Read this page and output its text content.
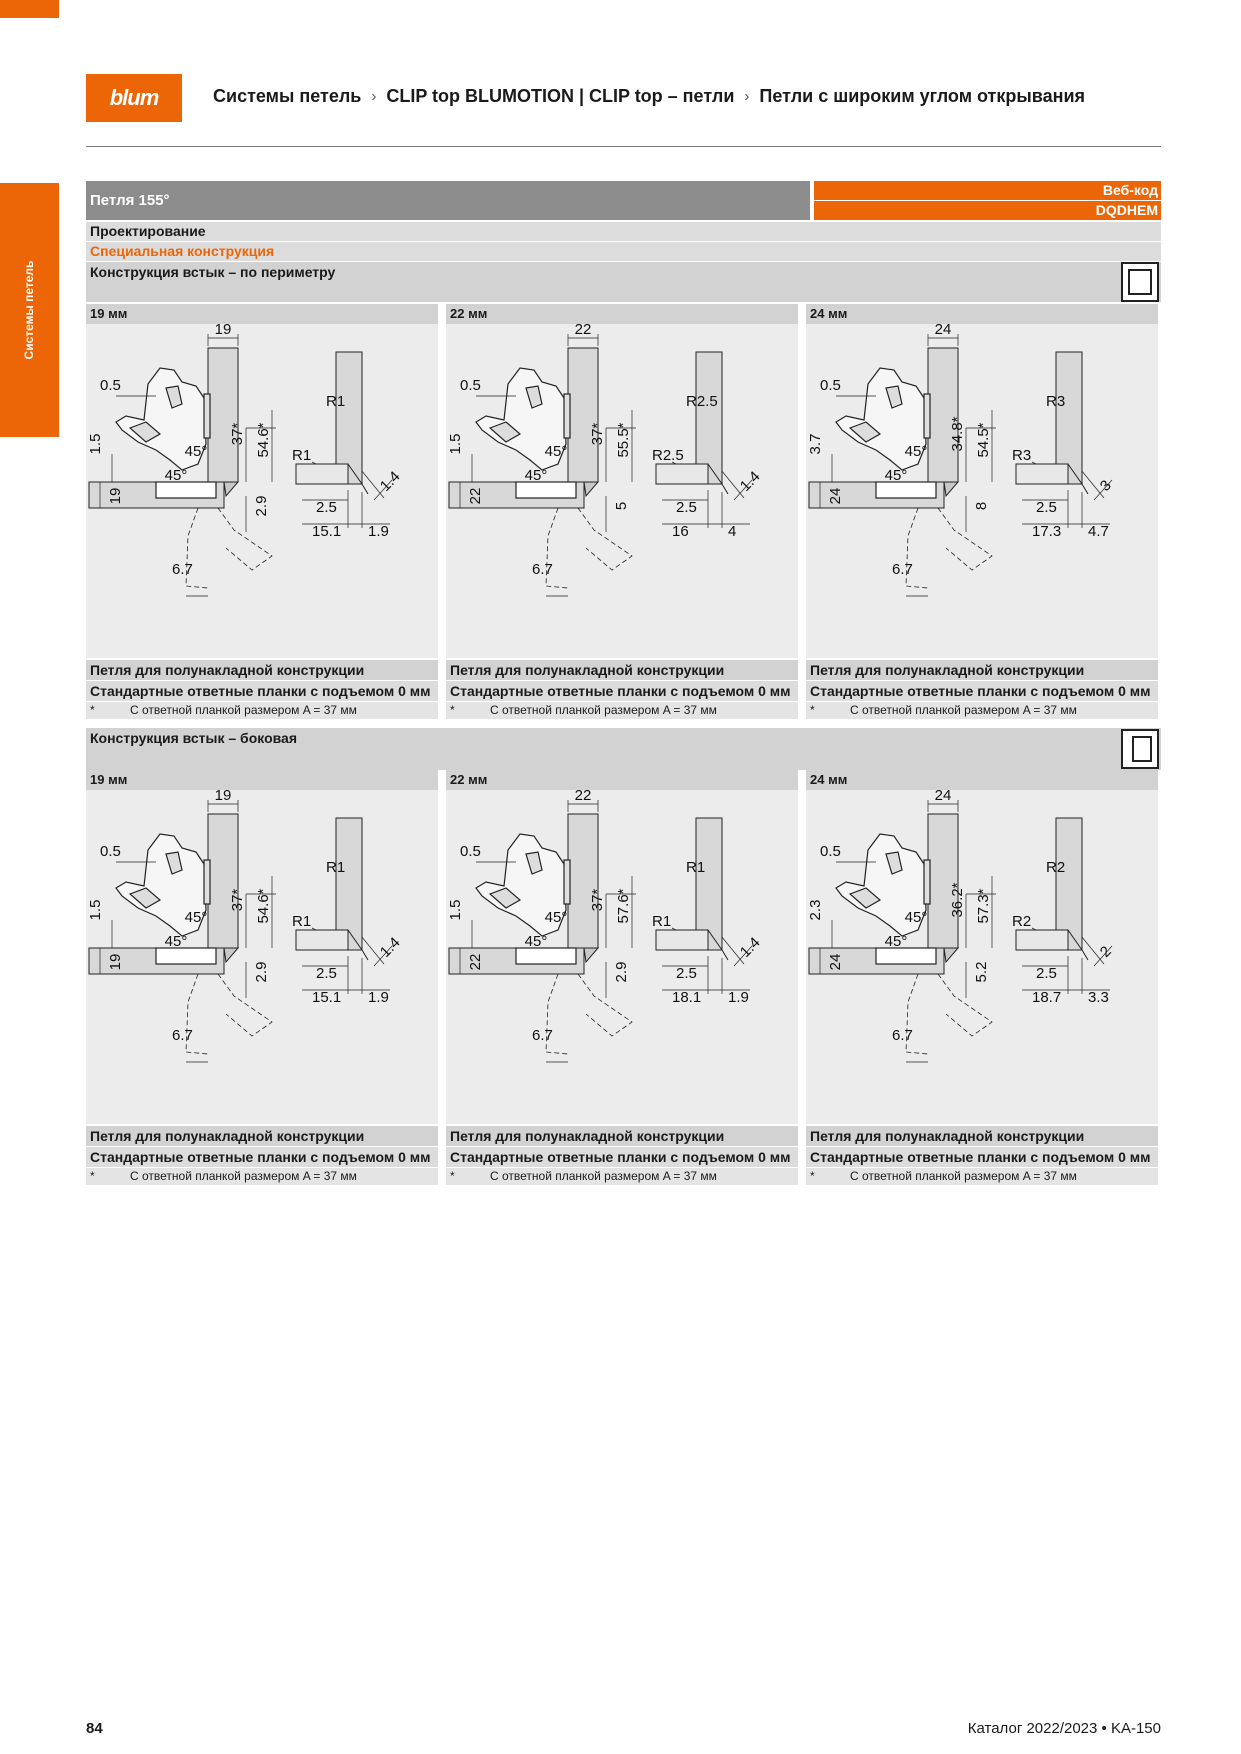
Системы петель
blum	Системы петель › CLIP top BLUMOTION | CLIP top – петли › Петли с широким углом открывания
Петля 155°
Веб-код
DQDHEM
Проектирование
Специальная конструкция
Конструкция встык – по периметру
Конструкция встык – боковая
19 мм
19
0.5
1.5
19
45°
45°
37* 54.6*
2.9
6.7
R1
R1
2.5
15.1 1.9
1.4
Петля для полунакладной конструкции
Стандартные ответные планки с подъемом 0 мм
*	С ответной планкой размером A = 37 мм
22 мм
22
0.5
1.5
22
45°
45°
37* 55.5*
5
6.7
R2.5
R2.5
2.5
16	4
1.4
Петля для полунакладной конструкции
Стандартные ответные планки с подъемом 0 мм
*	С ответной планкой размером A = 37 мм
24 мм
24
0.5
3.7
24
45°
45°
34.8* 54.5*
8
6.7
R3
R3
2.5
17.3 4.7
3
Петля для полунакладной конструкции
Стандартные ответные планки с подъемом 0 мм
*	С ответной планкой размером A = 37 мм
19 мм
19
0.5
1.5
19
45°
45°
37* 54.6*
2.9
6.7
R1
R1
2.5
15.1 1.9
1.4
Петля для полунакладной конструкции
Стандартные ответные планки с подъемом 0 мм
*	С ответной планкой размером A = 37 мм
22 мм
22
0.5
1.5
22
45°
45°
37* 57.6*
2.9
6.7
R1
R1
2.5
18.1 1.9
1.4
Петля для полунакладной конструкции
Стандартные ответные планки с подъемом 0 мм
*	С ответной планкой размером A = 37 мм
24 мм
24
0.5
2.3
24
45°
45°
36.2* 57.3*
5.2
6.7
R2
R2
2.5
18.7 3.3
2
Петля для полунакладной конструкции
Стандартные ответные планки с подъемом 0 мм
*	С ответной планкой размером A = 37 мм
84	Каталог 2022/2023 • KA-150
